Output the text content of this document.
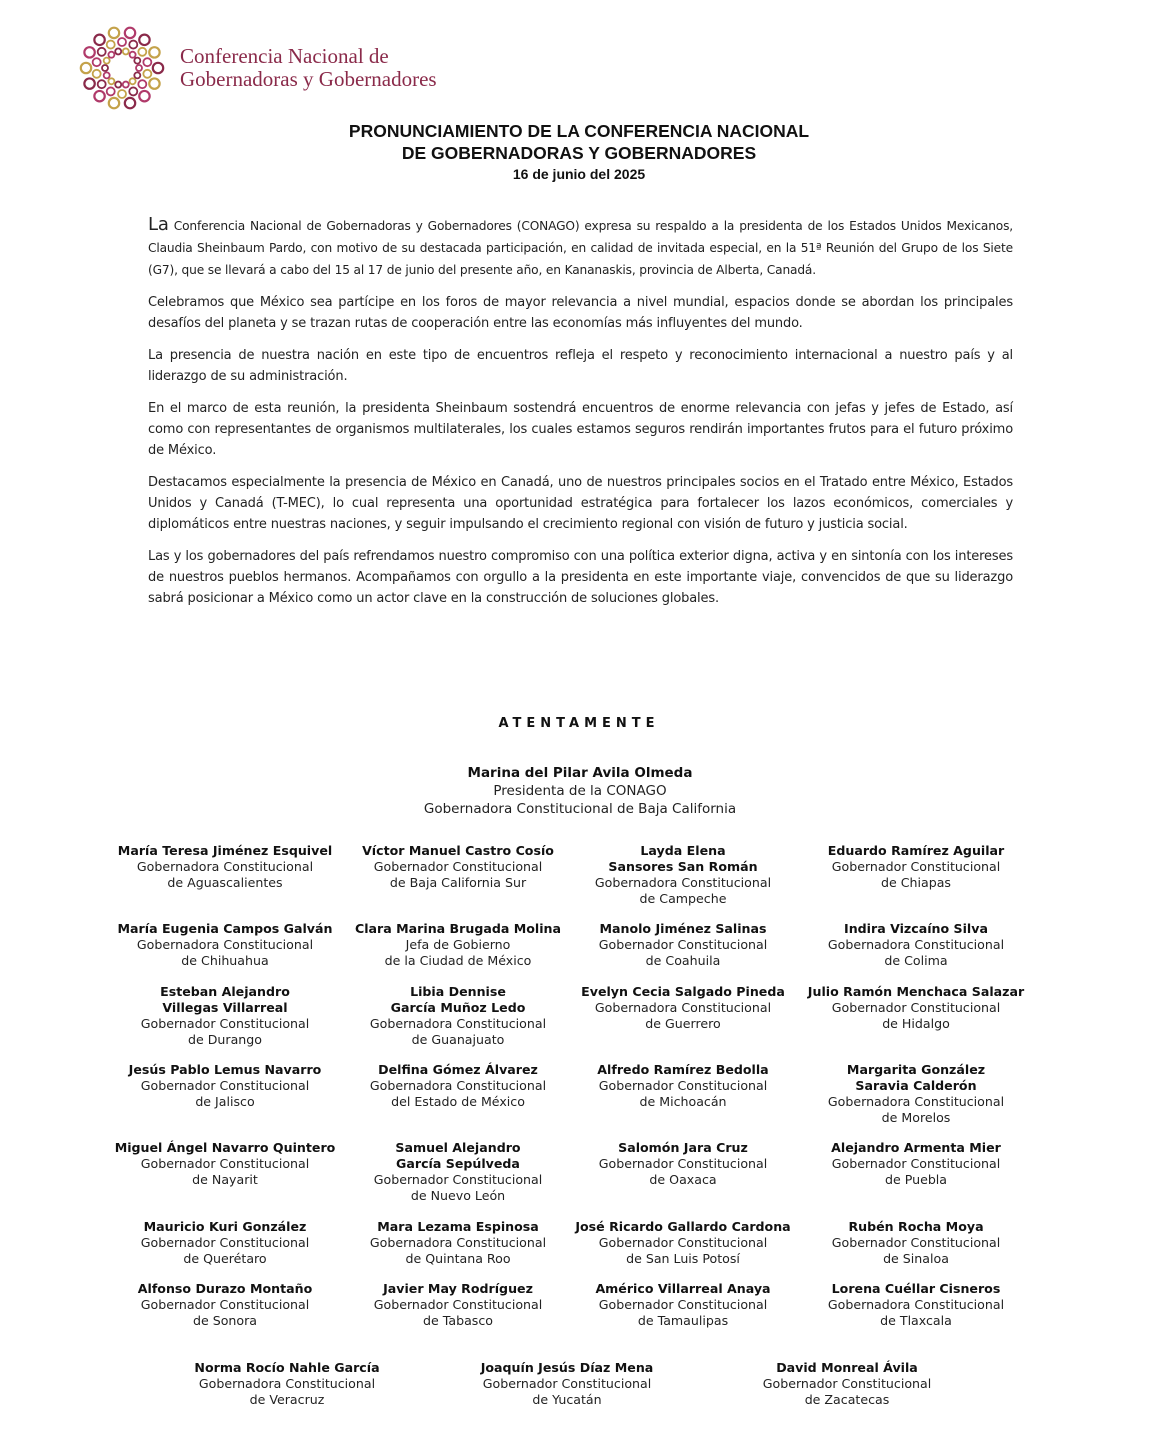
Conferencia Nacional de
Gobernadoras y Gobernadores
PRONUNCIAMIENTO DE LA CONFERENCIA NACIONAL
DE GOBERNADORAS Y GOBERNADORES
16 de junio del 2025

La Conferencia Nacional de Gobernadoras y Gobernadores (CONAGO) expresa su respaldo a la presidenta de los Estados Unidos Mexicanos, Claudia Sheinbaum Pardo, con motivo de su destacada participación, en calidad de invitada especial, en la 51ª Reunión del Grupo de los Siete (G7), que se llevará a cabo del 15 al 17 de junio del presente año, en Kananaskis, provincia de Alberta, Canadá.

Celebramos que México sea partícipe en los foros de mayor relevancia a nivel mundial, espacios donde se abordan los principales desafíos del planeta y se trazan rutas de cooperación entre las economías más influyentes del mundo.

La presencia de nuestra nación en este tipo de encuentros refleja el respeto y reconocimiento internacional a nuestro país y al liderazgo de su administración.

En el marco de esta reunión, la presidenta Sheinbaum sostendrá encuentros de enorme relevancia con jefas y jefes de Estado, así como con representantes de organismos multilaterales, los cuales estamos seguros rendirán importantes frutos para el futuro próximo de México.

Destacamos especialmente la presencia de México en Canadá, uno de nuestros principales socios en el Tratado entre México, Estados Unidos y Canadá (T-MEC), lo cual representa una oportunidad estratégica para fortalecer los lazos económicos, comerciales y diplomáticos entre nuestras naciones, y seguir impulsando el crecimiento regional con visión de futuro y justicia social.

Las y los gobernadores del país refrendamos nuestro compromiso con una política exterior digna, activa y en sintonía con los intereses de nuestros pueblos hermanos. Acompañamos con orgullo a la presidenta en este importante viaje, convencidos de que su liderazgo sabrá posicionar a México como un actor clave en la construcción de soluciones globales.

ATENTAMENTE
Marina del Pilar Avila Olmeda
Presidenta de la CONAGO
Gobernadora Constitucional de Baja California
María Teresa Jiménez Esquivel
Gobernadora Constitucional
de Aguascalientes
Víctor Manuel Castro Cosío
Gobernador Constitucional
de Baja California Sur
Layda Elena
Sansores San Román
Gobernadora Constitucional
de Campeche
Eduardo Ramírez Aguilar
Gobernador Constitucional
de Chiapas
María Eugenia Campos Galván
Gobernadora Constitucional
de Chihuahua
Clara Marina Brugada Molina
Jefa de Gobierno
de la Ciudad de México
Manolo Jiménez Salinas
Gobernador Constitucional
de Coahuila
Indira Vizcaíno Silva
Gobernadora Constitucional
de Colima
Esteban Alejandro
Villegas Villarreal
Gobernador Constitucional
de Durango
Libia Dennise
García Muñoz Ledo
Gobernadora Constitucional
de Guanajuato
Evelyn Cecia Salgado Pineda
Gobernadora Constitucional
de Guerrero
Julio Ramón Menchaca Salazar
Gobernador Constitucional
de Hidalgo
Jesús Pablo Lemus Navarro
Gobernador Constitucional
de Jalisco
Delfina Gómez Álvarez
Gobernadora Constitucional
del Estado de México
Alfredo Ramírez Bedolla
Gobernador Constitucional
de Michoacán
Margarita González
Saravia Calderón
Gobernadora Constitucional
de Morelos
Miguel Ángel Navarro Quintero
Gobernador Constitucional
de Nayarit
Samuel Alejandro
García Sepúlveda
Gobernador Constitucional
de Nuevo León
Salomón Jara Cruz
Gobernador Constitucional
de Oaxaca
Alejandro Armenta Mier
Gobernador Constitucional
de Puebla
Mauricio Kuri González
Gobernador Constitucional
de Querétaro
Mara Lezama Espinosa
Gobernadora Constitucional
de Quintana Roo
José Ricardo Gallardo Cardona
Gobernador Constitucional
de San Luis Potosí
Rubén Rocha Moya
Gobernador Constitucional
de Sinaloa
Alfonso Durazo Montaño
Gobernador Constitucional
de Sonora
Javier May Rodríguez
Gobernador Constitucional
de Tabasco
Américo Villarreal Anaya
Gobernador Constitucional
de Tamaulipas
Lorena Cuéllar Cisneros
Gobernadora Constitucional
de Tlaxcala
Norma Rocío Nahle García
Gobernadora Constitucional
de Veracruz
Joaquín Jesús Díaz Mena
Gobernador Constitucional
de Yucatán
David Monreal Ávila
Gobernador Constitucional
de Zacatecas
